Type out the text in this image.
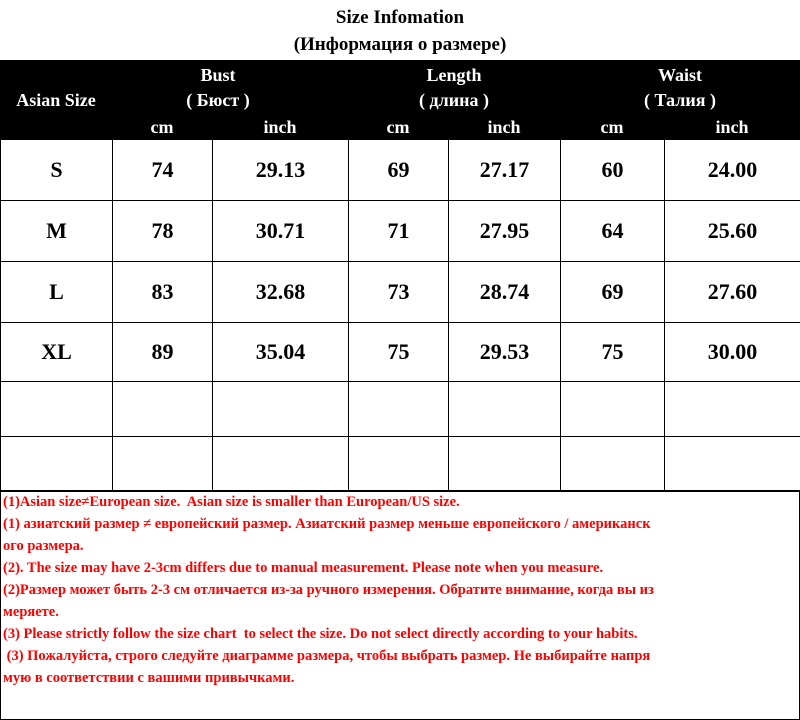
Size Infomation
(Информация о размере)
Asian Size
Bust
( Бюст )
Length
( длина )
Waist
( Талия )
cm	inch	cm	inch	cm	inch
S	74	29.13	69	27.17	60	24.00
M	78	30.71	71	27.95	64	25.60
L	83	32.68	73	28.74	69	27.60
XL	89	35.04	75	29.53	75	30.00

(1)Asian size≠European size.  Asian size is smaller than European/US size.
(1) азиатский размер ≠ европейский размер. Азиатский размер меньше европейского / американск
ого размера.
(2). The size may have 2-3cm differs due to manual measurement. Please note when you measure.
(2)Размер может быть 2-3 см отличается из-за ручного измерения. Обратите внимание, когда вы из
меряете.
(3) Please strictly follow the size chart  to select the size. Do not select directly according to your habits.
(3) Пожалуйста, строго следуйте диаграмме размера, чтобы выбрать размер. Не выбирайте напря
мую в соответствии с вашими привычками.
